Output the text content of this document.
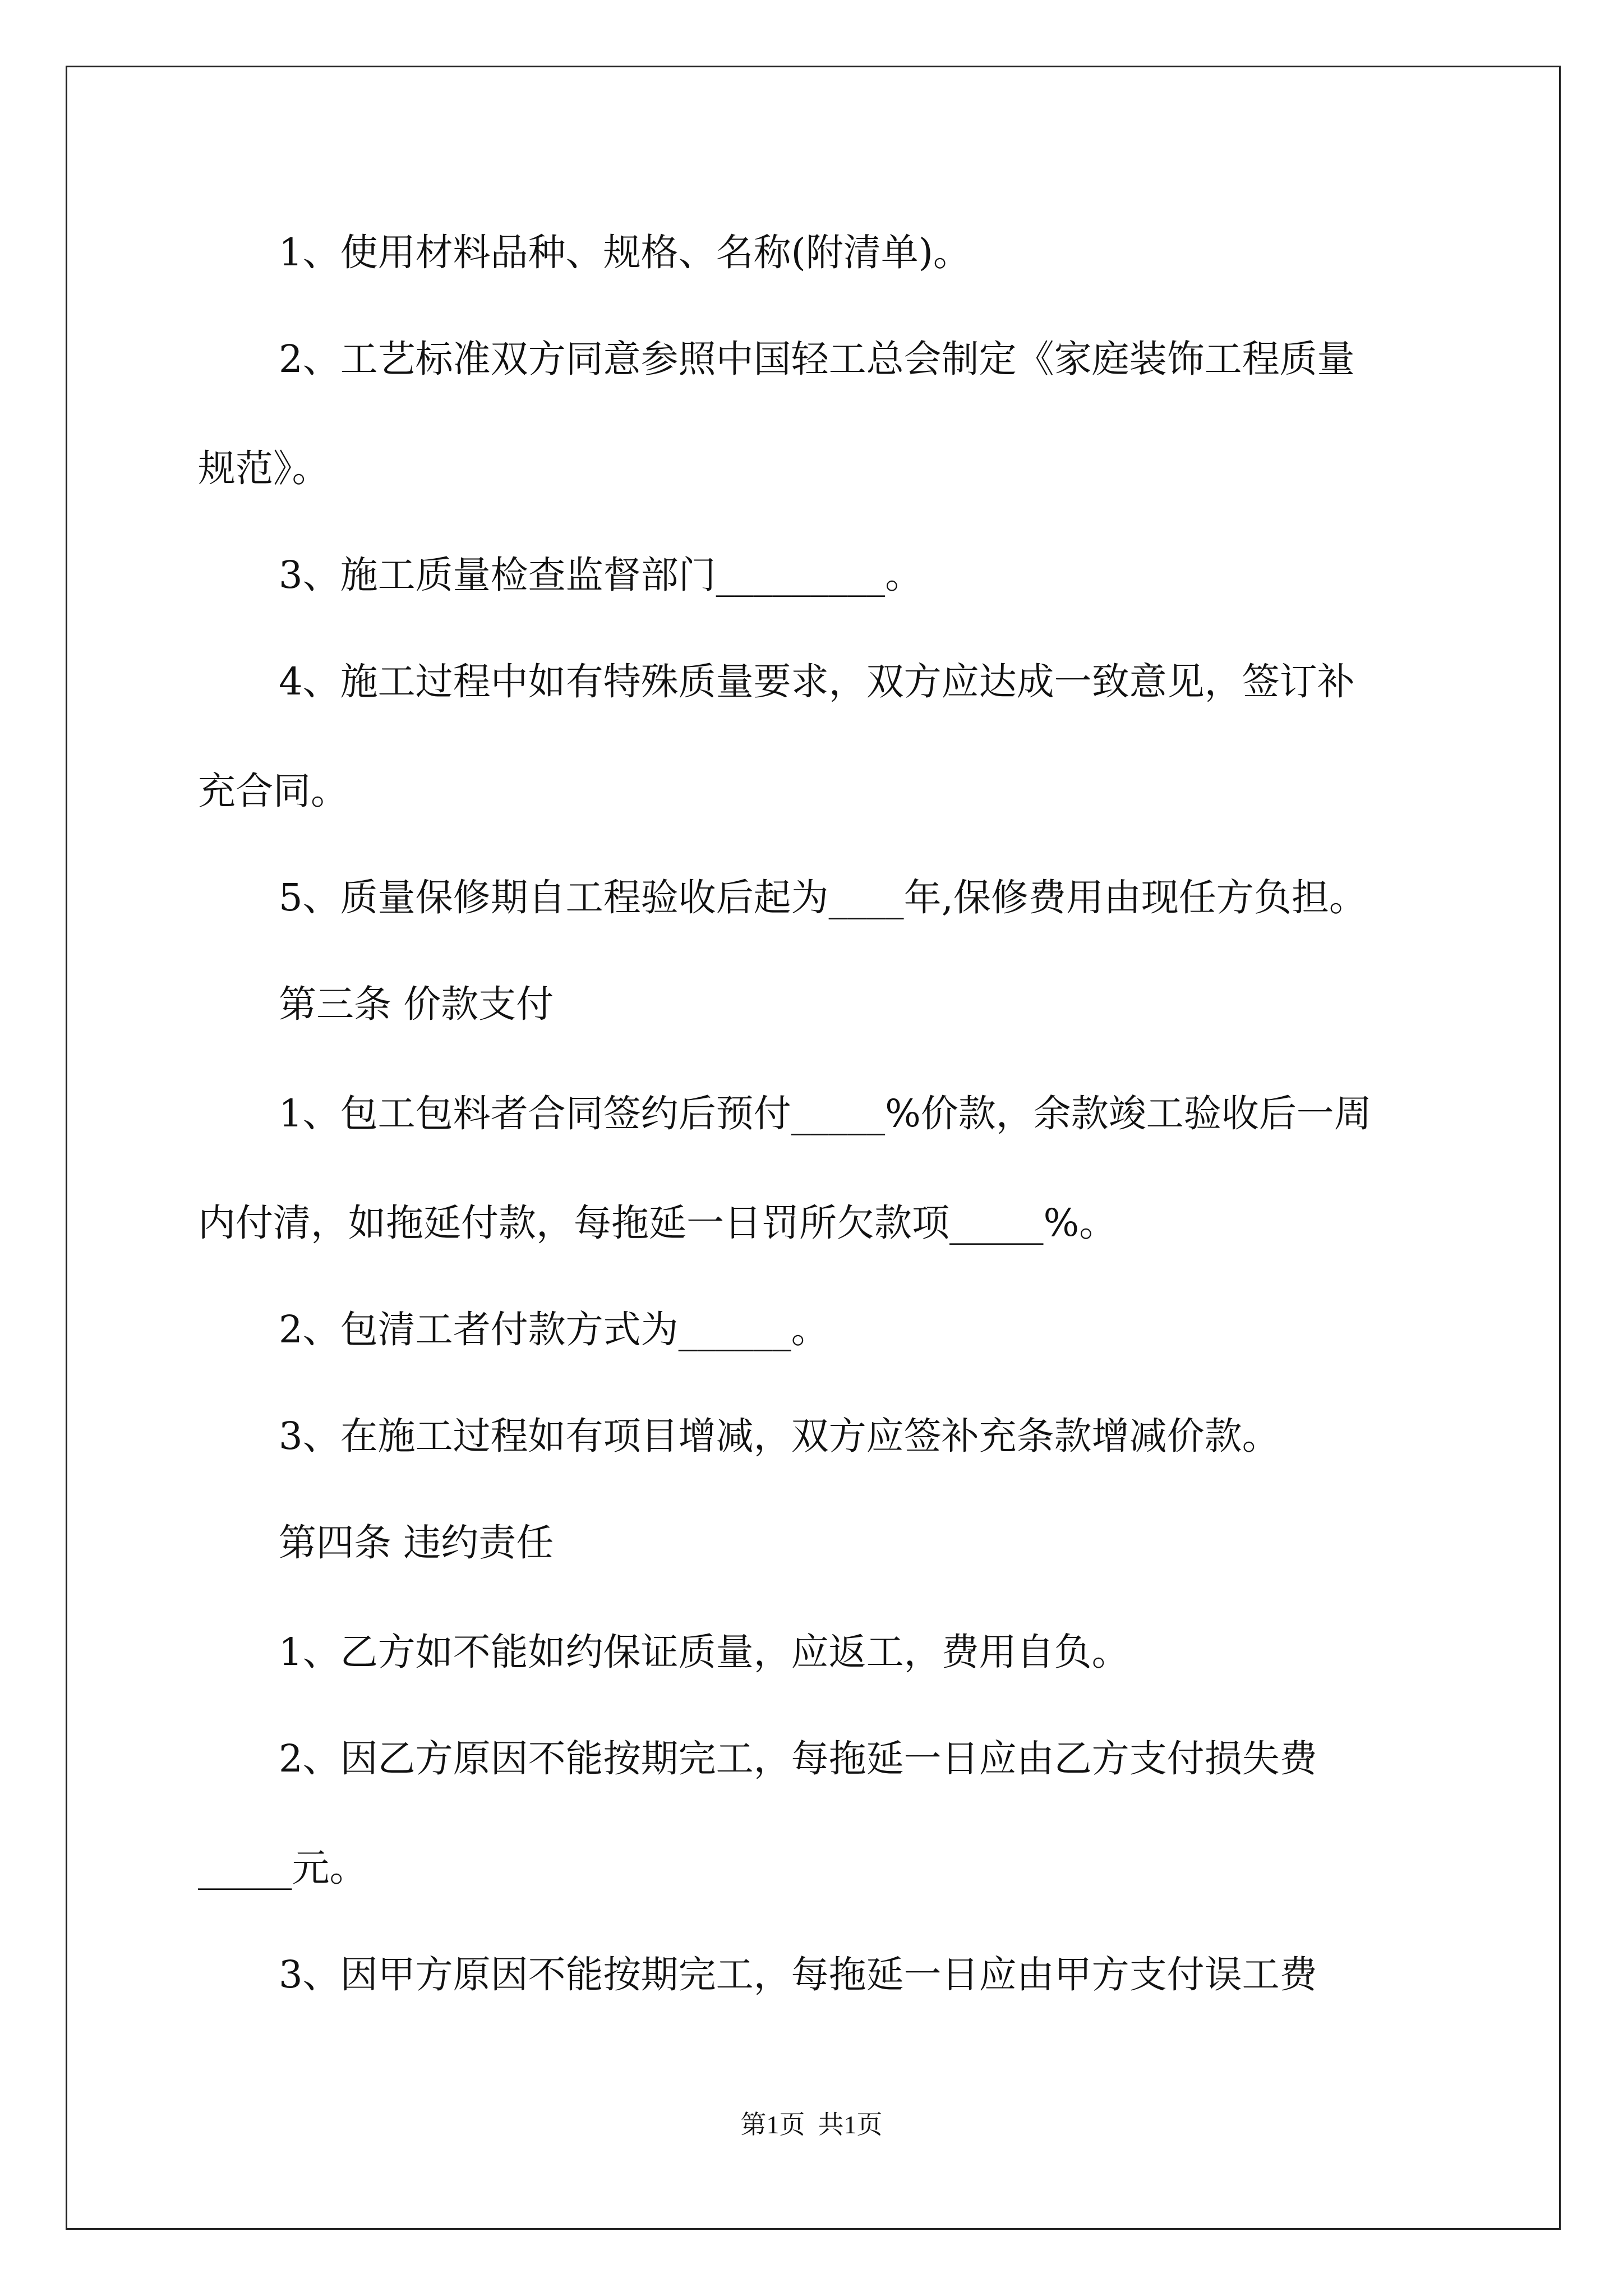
1、使用材料品种、规格、名称(附清单)。

2、工艺标准双方同意参照中国轻工总会制定《家庭装饰工程质量

规范》。

3、施工质量检查监督部门_________。

4、施工过程中如有特殊质量要求，双方应达成一致意见，签订补

充合同。

5、质量保修期自工程验收后起为____年,保修费用由现任方负担。

第三条 价款支付

1、包工包料者合同签约后预付_____%价款，余款竣工验收后一周

内付清，如拖延付款，每拖延一日罚所欠款项_____%。

2、包清工者付款方式为______。

3、在施工过程如有项目增减，双方应签补充条款增减价款。

第四条 违约责任

1、乙方如不能如约保证质量，应返工，费用自负。

2、因乙方原因不能按期完工，每拖延一日应由乙方支付损失费

_____元。

3、因甲方原因不能按期完工，每拖延一日应由甲方支付误工费

第1页  共1页
